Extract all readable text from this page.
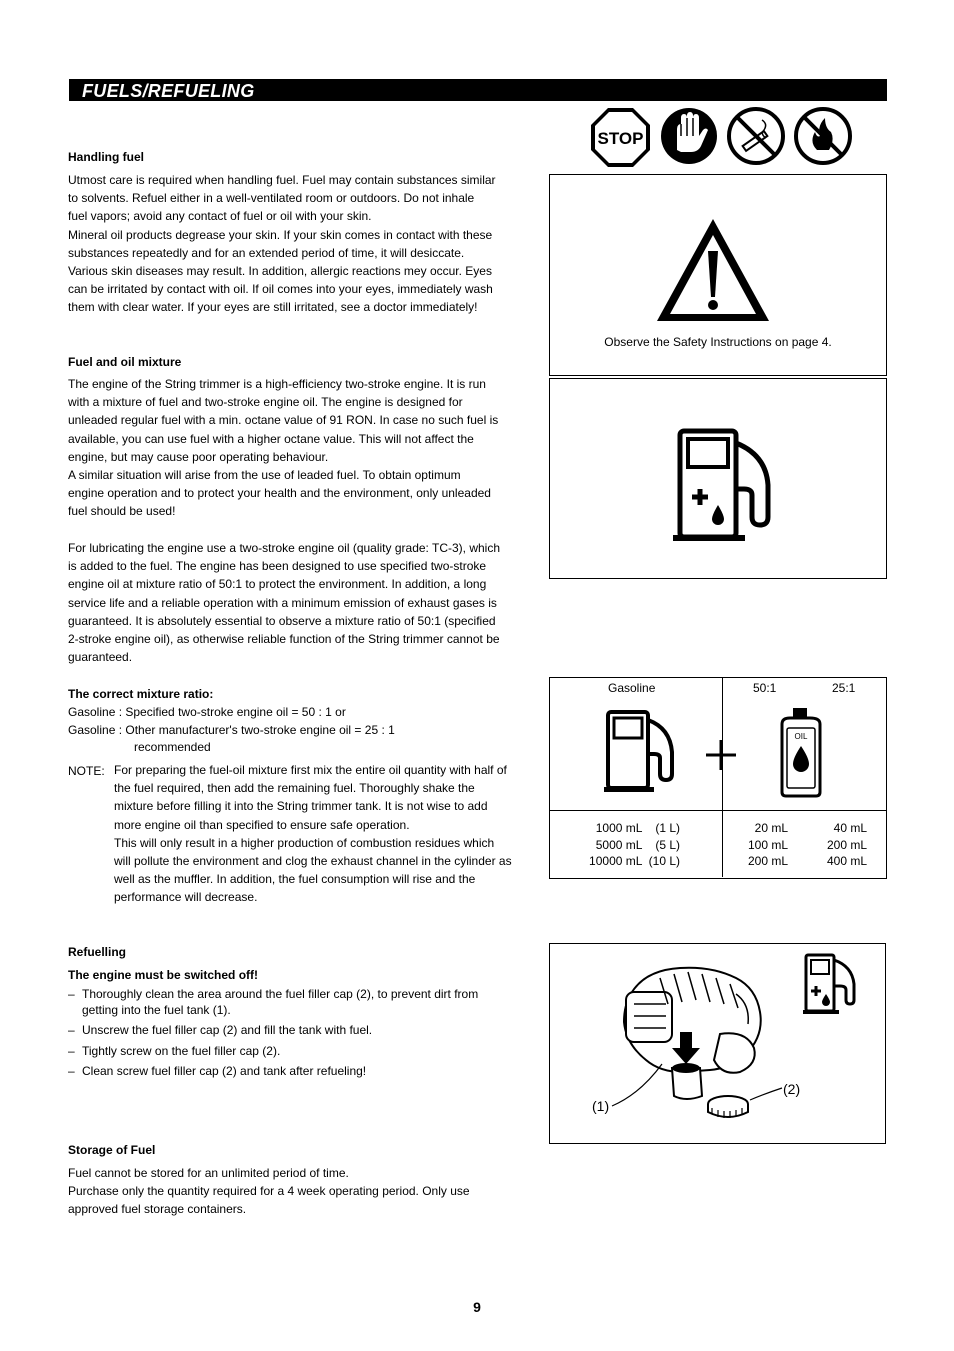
FUELS/REFUELING
STOP
Handling fuel
Utmost care is required when handling fuel. Fuel may contain substances similar
to solvents. Refuel either in a well-ventilated room or outdoors. Do not inhale
fuel vapors; avoid any contact of fuel or oil with your skin.
Mineral oil products degrease your skin. If your skin comes in contact with these
substances repeatedly and for an extended period of time, it will desiccate.
Various skin diseases may result. In addition, allergic reactions mey occur. Eyes
can be irritated by contact with oil. If oil comes into your eyes, immediately wash
them with clear water. If your eyes are still irritated, see a doctor immediately!
Observe the Safety Instructions on page 4.
Fuel and oil mixture
The engine of the String trimmer is a high-efficiency two-stroke engine. It is run
with a mixture of fuel and two-stroke engine oil. The engine is designed for
unleaded regular fuel with a min. octane value of 91 RON. In case no such fuel is
available, you can use fuel with a higher octane value. This will not affect the
engine, but may cause poor operating behaviour.
A similar situation will arise from the use of leaded fuel. To obtain optimum
engine operation and to protect your health and the environment, only unleaded
fuel should be used!
For lubricating the engine use a two-stroke engine oil (quality grade: TC-3), which
is added to the fuel. The engine has been designed to use specified two-stroke
engine oil at mixture ratio of 50:1 to protect the environment. In addition, a long
service life and a reliable operation with a minimum emission of exhaust gases is
guaranteed. It is absolutely essential to observe a mixture ratio of 50:1 (specified
2-stroke engine oil), as otherwise reliable function of the String trimmer cannot be
guaranteed.
The correct mixture ratio:
Gasoline : Specified two-stroke engine oil = 50 : 1 or
Gasoline : Other manufacturer's two-stroke engine oil = 25 : 1
recommended
NOTE: For preparing the fuel-oil mixture first mix the entire oil quantity with half of
the fuel required, then add the remaining fuel. Thoroughly shake the
mixture before filling it into the String trimmer tank. It is not wise to add
more engine oil than specified to ensure safe operation.
This will only result in a higher production of combustion residues which
will pollute the environment and clog the exhaust channel in the cylinder as
well as the muffler. In addition, the fuel consumption will rise and the
performance will decrease.
Gasoline	50:1	25:1
OIL
1000 mL    (1 L)
5000 mL    (5 L)
10000 mL  (10 L)
20 mL
100 mL
200 mL
40 mL
200 mL
400 mL
Refuelling
The engine must be switched off!
– Thoroughly clean the area around the fuel filler cap (2), to prevent dirt from
getting into the fuel tank (1).
– Unscrew the fuel filler cap (2) and fill the tank with fuel.
– Tightly screw on the fuel filler cap (2).
– Clean screw fuel filler cap (2) and tank after refueling!
(1)
(2)
Storage of Fuel
Fuel cannot be stored for an unlimited period of time.
Purchase only the quantity required for a 4 week operating period. Only use
approved fuel storage containers.
9
